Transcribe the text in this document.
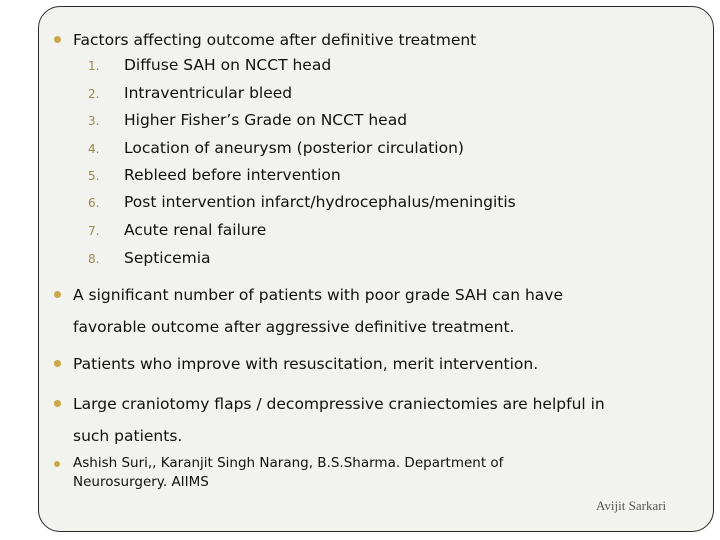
Factors affecting outcome after definitive treatment
1. Diffuse SAH on NCCT head
2. Intraventricular bleed
3. Higher Fisher’s Grade on NCCT head
4. Location of aneurysm (posterior circulation)
5. Rebleed before intervention
6. Post intervention infarct/hydrocephalus/meningitis
7. Acute renal failure
8. Septicemia
A significant number of patients with poor grade SAH can have
favorable outcome after aggressive definitive treatment.
Patients who improve with resuscitation, merit intervention.
Large craniotomy flaps / decompressive craniectomies are helpful in
such patients.
Ashish Suri,, Karanjit Singh Narang, B.S.Sharma. Department of
Neurosurgery. AIIMS
Avijit Sarkari
